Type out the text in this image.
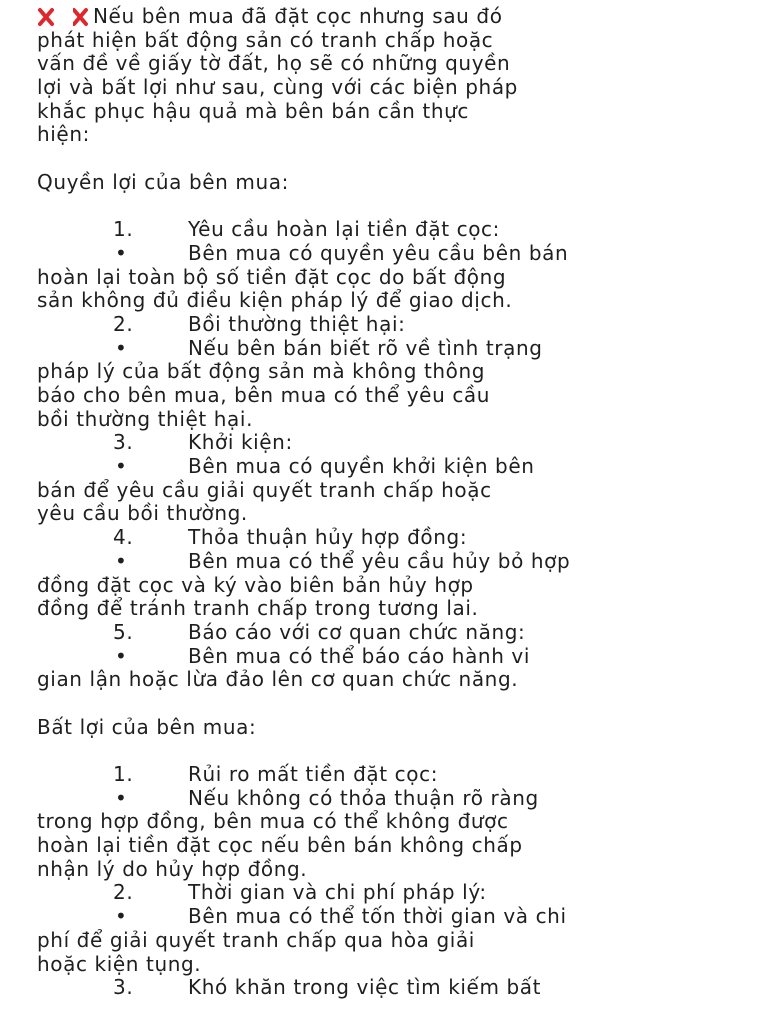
Nếu bên mua đã đặt cọc nhưng sau đó
phát hiện bất động sản có tranh chấp hoặc
vấn đề về giấy tờ đất, họ sẽ có những quyền
lợi và bất lợi như sau, cùng với các biện pháp
khắc phục hậu quả mà bên bán cần thực
hiện:
Quyền lợi của bên mua:
1.	Yêu cầu hoàn lại tiền đặt cọc:
•	Bên mua có quyền yêu cầu bên bán
hoàn lại toàn bộ số tiền đặt cọc do bất động
sản không đủ điều kiện pháp lý để giao dịch.
2.	Bồi thường thiệt hại:
•	Nếu bên bán biết rõ về tình trạng
pháp lý của bất động sản mà không thông
báo cho bên mua, bên mua có thể yêu cầu
bồi thường thiệt hại.
3.	Khởi kiện:
•	Bên mua có quyền khởi kiện bên
bán để yêu cầu giải quyết tranh chấp hoặc
yêu cầu bồi thường.
4.	Thỏa thuận hủy hợp đồng:
•	Bên mua có thể yêu cầu hủy bỏ hợp
đồng đặt cọc và ký vào biên bản hủy hợp
đồng để tránh tranh chấp trong tương lai.
5.	Báo cáo với cơ quan chức năng:
•	Bên mua có thể báo cáo hành vi
gian lận hoặc lừa đảo lên cơ quan chức năng.
Bất lợi của bên mua:
1.	Rủi ro mất tiền đặt cọc:
•	Nếu không có thỏa thuận rõ ràng
trong hợp đồng, bên mua có thể không được
hoàn lại tiền đặt cọc nếu bên bán không chấp
nhận lý do hủy hợp đồng.
2.	Thời gian và chi phí pháp lý:
•	Bên mua có thể tốn thời gian và chi
phí để giải quyết tranh chấp qua hòa giải
hoặc kiện tụng.
3.	Khó khăn trong việc tìm kiếm bất
